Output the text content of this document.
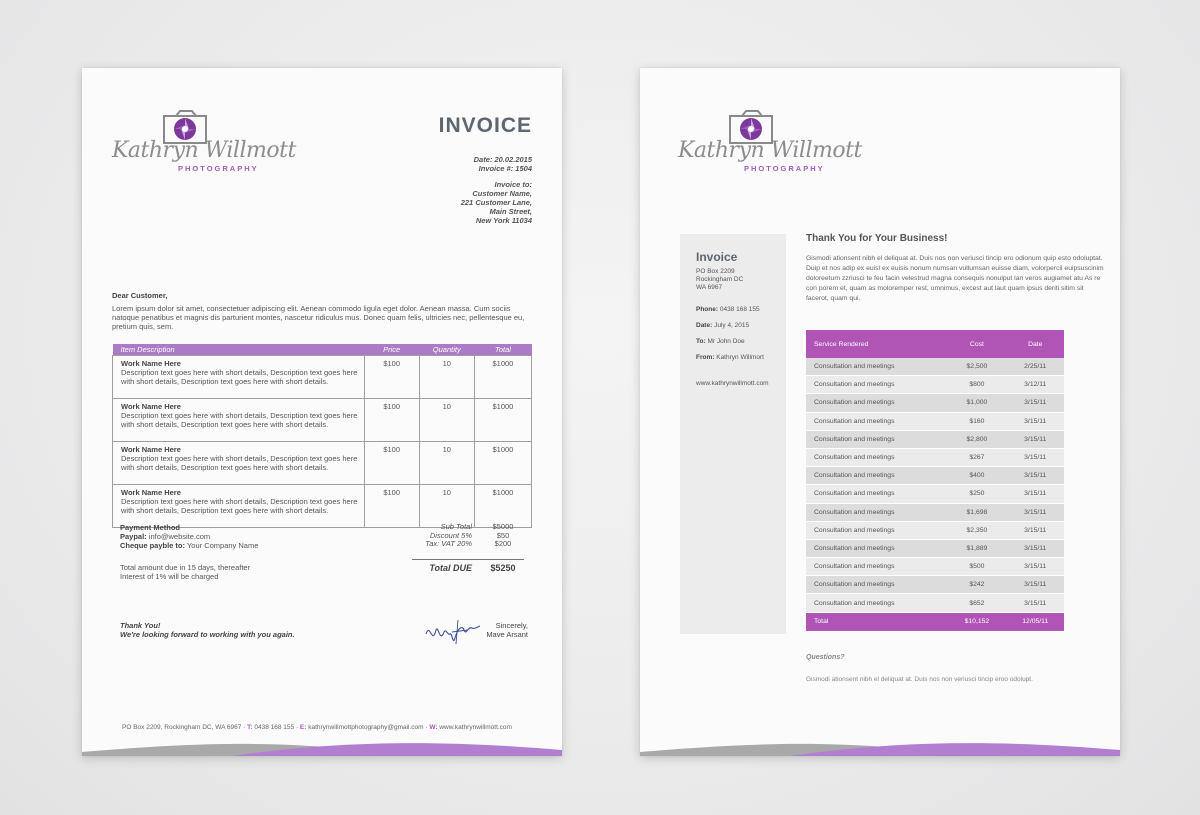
Kathryn Willmott
PHOTOGRAPHY
INVOICE
Date: 20.02.2015
Invoice #: 1504
Invoice to:
Customer Name,
221 Customer Lane,
Main Street,
New York 11034
Dear Customer,
Lorem ipsum dolor sit amet, consectetuer adipiscing elit. Aenean commodo ligula eget dolor. Aenean massa. Cum sociis natoque penatibus et magnis dis parturient montes, nascetur ridiculus mus. Donec quam felis, ultricies nec, pellentesque eu, pretium quis, sem.
Item Description	Price	Quantity	Total

Work Name Here
Description text goes here with short details, Description text goes here with short details, Description text goes here with short details.	$100	10	$1000

Work Name Here
Description text goes here with short details, Description text goes here with short details, Description text goes here with short details.	$100	10	$1000

Work Name Here
Description text goes here with short details, Description text goes here with short details, Description text goes here with short details.	$100	10	$1000

Work Name Here
Description text goes here with short details, Description text goes here with short details, Description text goes here with short details.	$100	10	$1000
Payment Method
Paypal: info@website.com
Cheque payble to: Your Company Name
Sub Total	$5000
Discount 5%	$50
Tax: VAT 20%	$200
Total DUE	$5250
Total amount due in 15 days, thereafter
Interest of 1% will be charged
Thank You!
We're looking forward to working with you again.
Sincerely,
Mave Arsant
PO Box 2209, Rockingham DC, WA 6967 · T: 0438 168 155 · E: kathrynwillmottphotography@gmail.com · W: www.kathrynwillmott.com
Kathryn Willmott
PHOTOGRAPHY
Invoice
PO Box 2209
Rockingham DC
WA 6967
Phone: 0438 168 155
Date: July 4, 2015
To: Mr John Doe
From: Kathryn Willmort
www.kathrynwillmott.com
Thank You for Your Business!
Gismodi ationsent nibh el deliquat at. Duis nos non veriusci tincip ero odionum quip esto odoluptat. Duip et nos adip ex euisl ex euisis nonum numsan vullumsan euisse diam, volorpercil euipsuscinim doloreetum zzriusci te feu facin velestrud magna consequis nonulput lan veros augiamet atu As re con porem et, quam as moloremper rest, omnimus, excest aut laut quam ipsus deriti sitim sit facerot, quam qui.
Service Rendered	Cost	Date
Consultation and meetings	$2,500	2/25/11
Consultation and meetings	$800	3/12/11
Consultation and meetings	$1,000	3/15/11
Consultation and meetings	$160	3/15/11
Consultation and meetings	$2,800	3/15/11
Consultation and meetings	$267	3/15/11
Consultation and meetings	$400	3/15/11
Consultation and meetings	$250	3/15/11
Consultation and meetings	$1,698	3/15/11
Consultation and meetings	$2,350	3/15/11
Consultation and meetings	$1,889	3/15/11
Consultation and meetings	$500	3/15/11
Consultation and meetings	$242	3/15/11
Consultation and meetings	$652	3/15/11
Total	$10,152	12/05/11
Questions?
Gismodi ationsent nibh el deliquat at. Duis nos non veriusci tincip eroo odolupt.
